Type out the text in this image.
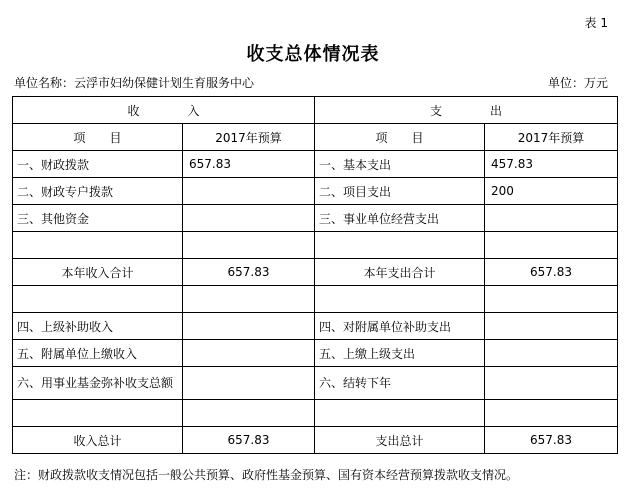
表 1
收支总体情况表
单位名称：云浮市妇幼保健计划生育服务中心	单位：万元
收　　　　入		支　　　　出	
项　　目	2017年预算	项　　目	2017年预算
一、财政拨款	657.83	一、基本支出	457.83
二、财政专户拨款		二、项目支出	200
三、其他资金		三、事业单位经营支出	

本年收入合计	657.83	本年支出合计	657.83

四、上级补助收入		四、对附属单位补助支出	
五、附属单位上缴收入		五、上缴上级支出	
六、用事业基金弥补收支总额		六、结转下年	

收入总计	657.83	支出总计	657.83
注：财政拨款收支情况包括一般公共预算、政府性基金预算、国有资本经营预算拨款收支情况。
